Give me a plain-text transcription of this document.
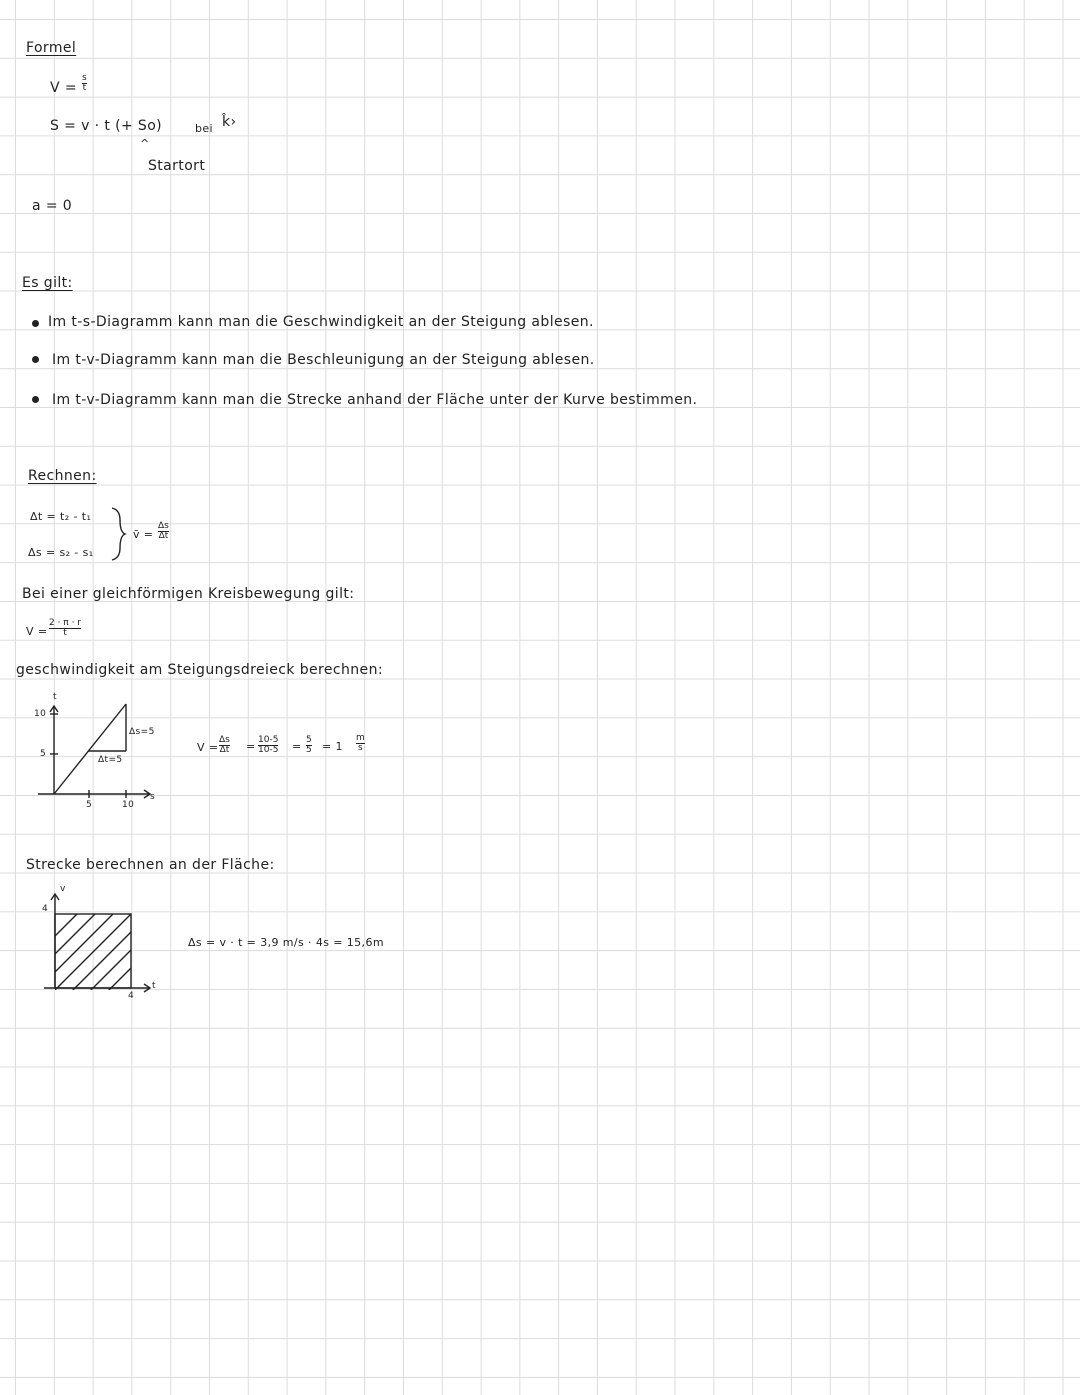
Formel
V =
s
t
S = v · t (+ So)	bei k̂›
^
Startort
a = 0
Es gilt:
Im t-s-Diagramm kann man die Geschwindigkeit an der Steigung ablesen.
Im t-v-Diagramm kann man die Beschleunigung an der Steigung ablesen.
Im t-v-Diagramm kann man die Strecke anhand der Fläche unter der Kurve bestimmen.
Rechnen:
Δt = t₂ - t₁
Δs = s₂ - s₁
v̄ =
Δs
Δt
Bei einer gleichförmigen Kreisbewegung gilt:
V =
2 · π · r
t
geschwindigkeit am Steigungsdreieck berechnen:
t
10
5
5	10
s
Δs=5
Δt=5
V =
Δs
Δt = 10-5
10-5 = 5
5 = 1
m
s
Strecke berechnen an der Fläche:
v
4
4
t
Δs = v · t = 3,9 m/s · 4s = 15,6m
